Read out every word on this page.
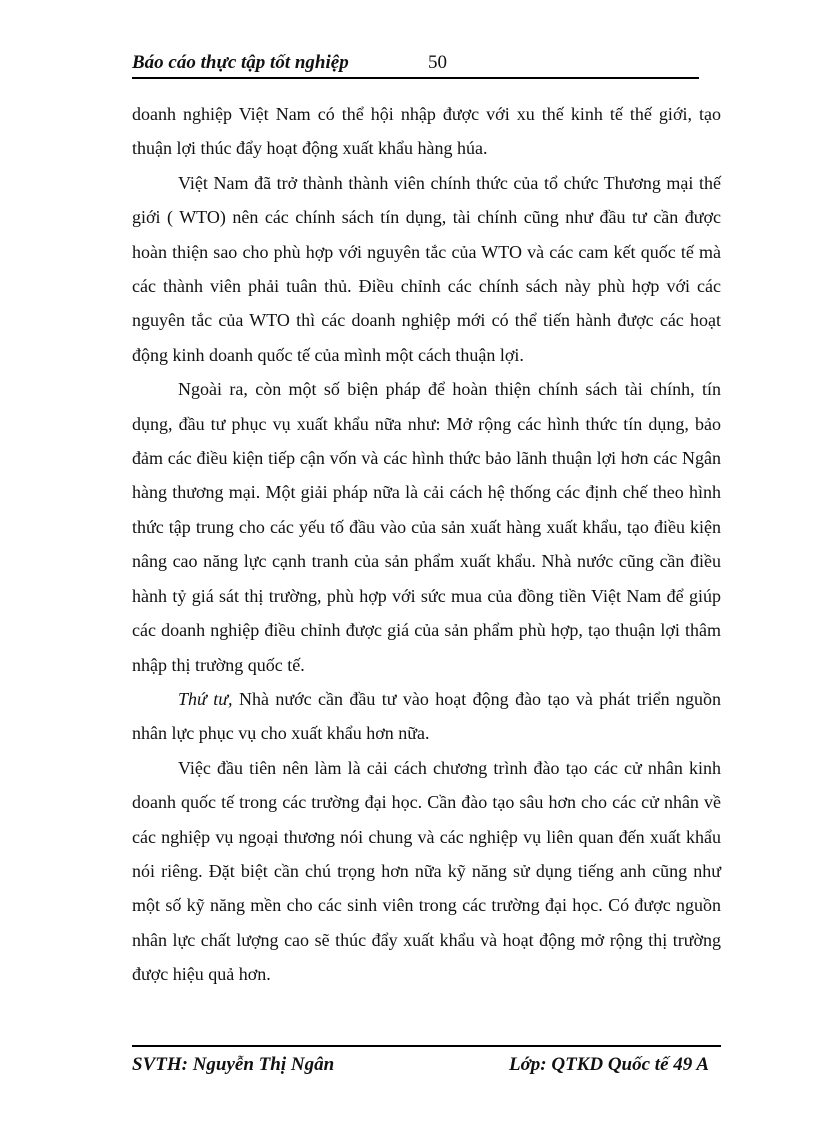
Báo cáo thực tập tốt nghiệp	50

doanh nghiệp Việt Nam có thể hội nhập được với xu thế kinh tế thế giới, tạo thuận lợi thúc đẩy hoạt động xuất khẩu hàng húa.

Việt Nam đã trở thành thành viên chính thức của tổ chức Thương mại thế giới ( WTO) nên các chính sách tín dụng, tài chính cũng như đầu tư cần được hoàn thiện sao cho phù hợp với nguyên tắc của WTO và các cam kết quốc tế mà các thành viên phải tuân thủ. Điều chỉnh các chính sách này phù hợp với các nguyên tắc của WTO thì các doanh nghiệp mới có thể tiến hành được các hoạt động kinh doanh quốc tế của mình một cách thuận lợi.

Ngoài ra, còn một số biện pháp để hoàn thiện chính sách tài chính, tín dụng, đầu tư phục vụ xuất khẩu nữa như: Mở rộng các hình thức tín dụng, bảo đảm các điều kiện tiếp cận vốn và các hình thức bảo lãnh thuận lợi hơn các Ngân hàng thương mại. Một giải pháp nữa là cải cách hệ thống các định chế theo hình thức tập trung cho các yếu tố đầu vào của sản xuất hàng xuất khẩu, tạo điều kiện nâng cao năng lực cạnh tranh của sản phẩm xuất khẩu. Nhà nước cũng cần điều hành tỷ giá sát thị trường, phù hợp với sức mua của đồng tiền Việt Nam để giúp các doanh nghiệp điều chỉnh được giá của sản phẩm phù hợp, tạo thuận lợi thâm nhập thị trường quốc tế.

Thứ tư, Nhà nước cần đầu tư vào hoạt động đào tạo và phát triển nguồn nhân lực phục vụ cho xuất khẩu hơn nữa.

Việc đầu tiên nên làm là cải cách chương trình đào tạo các cử nhân kinh doanh quốc tế trong các trường đại học. Cần đào tạo sâu hơn cho các cử nhân về các nghiệp vụ ngoại thương nói chung và các nghiệp vụ liên quan đến xuất khẩu nói riêng. Đặt biệt cần chú trọng hơn nữa kỹ năng sử dụng tiếng anh cũng như một số kỹ năng mền cho các sinh viên trong các trường đại học. Có được nguồn nhân lực chất lượng cao sẽ thúc đẩy xuất khẩu và hoạt động mở rộng thị trường được hiệu quả hơn.

SVTH: Nguyễn Thị Ngân	Lớp: QTKD Quốc tế 49 A
